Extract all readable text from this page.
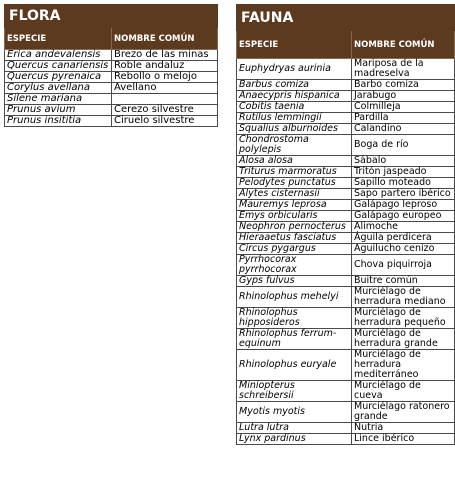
FLORA	
ESPECIE	NOMBRE COMÚN
Erica andevalensis	Brezo de las minas
Quercus canariensis	Roble andaluz
Quercus pyrenaica	Rebollo o melojo
Corylus avellana	Avellano
Silene mariana	
Prunus avium	Cerezo silvestre
Prunus insititia	Ciruelo silvestre
FAUNA	
ESPECIE	NOMBRE COMÚN
Euphydryas aurinia	Mariposa de la madreselva
Barbus comiza	Barbo comiza
Anaecypris hispanica	Jarabugo
Cobitis taenia	Colmilleja
Rutilus lemmingii	Pardilla
Squalius alburnoides	Calandino
Chondrostoma polylepis	Boga de río
Alosa alosa	Sábalo
Triturus marmoratus	Tritón jaspeado
Pelodytes punctatus	Sapillo moteado
Alytes cisternasii	Sapo partero ibérico
Mauremys leprosa	Galápago leproso
Emys orbicularis	Galápago europeo
Neophron pernocterus	Alimoche
Hieraaetus fasciatus	Águila perdicera
Circus pygargus	Aguilucho cenizo
Pyrrhocorax pyrrhocorax	Chova piquirroja
Gyps fulvus	Buitre común
Rhinolophus mehelyi	Murciélago de herradura mediano
Rhinolophus hipposideros	Murciélago de herradura pequeño
Rhinolophus ferrum-equinum	Murciélago de herradura grande
Rhinolophus euryale	Murciélago de herradura mediterráneo
Miniopterus schreibersii	Murciélago de cueva
Myotis myotis	Murciélago ratonero grande
Lutra lutra	Nutria
Lynx pardinus	Lince ibérico
